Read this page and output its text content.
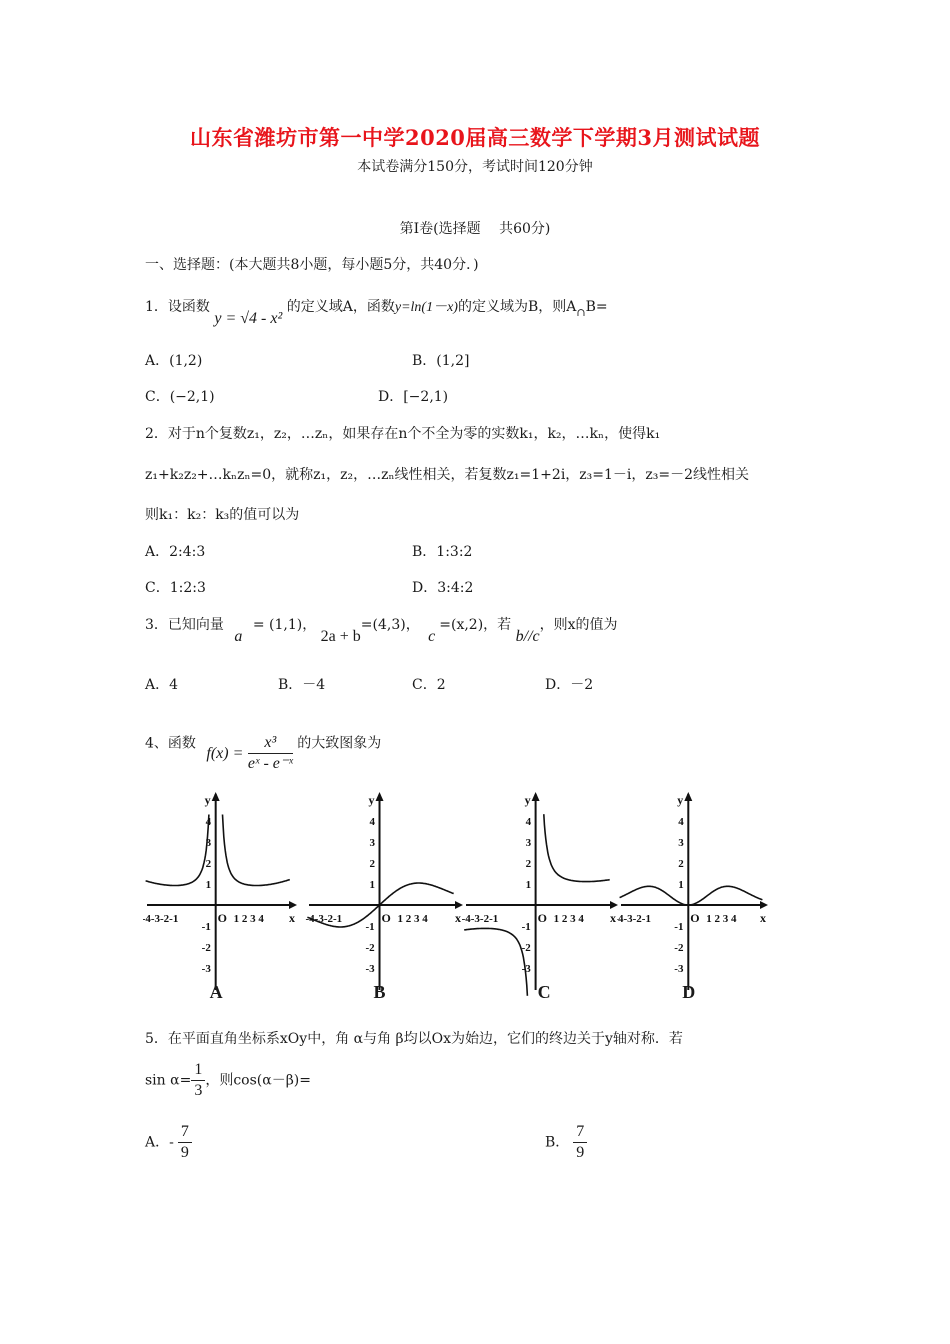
山东省潍坊市第一中学2020届高三数学下学期3月测试试题
本试卷满分150分，考试时间120分钟
第Ⅰ卷(选择题　 共60分)
一、选择题：(本大题共8小题，每小题5分，共40分．)
1．设函数 y = √4 - x² 的定义域A，函数y=ln(1－x)的定义域为B，则$A_\cap B=$
A．(1,2)	B．(1,2]
C．(−2,1)	D．[−2,1)
2．对于n个复数z₁，z₂，…zₙ，如果存在n个不全为零的实数k₁，k₂，…kₙ，使得k₁
z₁+k₂z₂+…kₙzₙ=0，就称z₁，z₂，…zₙ线性相关，若复数z₁=1+2i，z₃=1－i，z₃=－2线性相关
则k₁：k₂：k₃的值可以为
A．2:4:3	B．1:3:2
C．1:2:3	D．3:4:2
3．已知向量 a = (1,1)， 2a + b=(4,3)， c=(x,2)，若 b//c，则x的值为
A．4	B．－4	C．2	D．－2
4、函数 $f(x) = \frac{\text{x³}}{\text{eˣ - e⁻ˣ}}$ 的大致图象为
x
y
O
-4-3-2-1	1 2 3 4
4
3
2
1
-1
-2
-3
A
x
y
O
-4-3-2-1	1 2 3 4
4
3
2
1
-1
-2
-3
B
x
y
O
-4-3-2-1	1 2 3 4
4
3
2
1
-1
-2
-3
C
x
y
O
-4-3-2-1	1 2 3 4
4
3
2
1
-1
-2
-3
D
5．在平面直角坐标系xOy中，角 α与角 β均以Ox为始边，它们的终边关于y轴对称．若
$\sin \alpha= \frac{1}{3}$ ，则cos(α－β)=
A．- $\frac{7}{9}$	B． $\frac{7}{9}$
